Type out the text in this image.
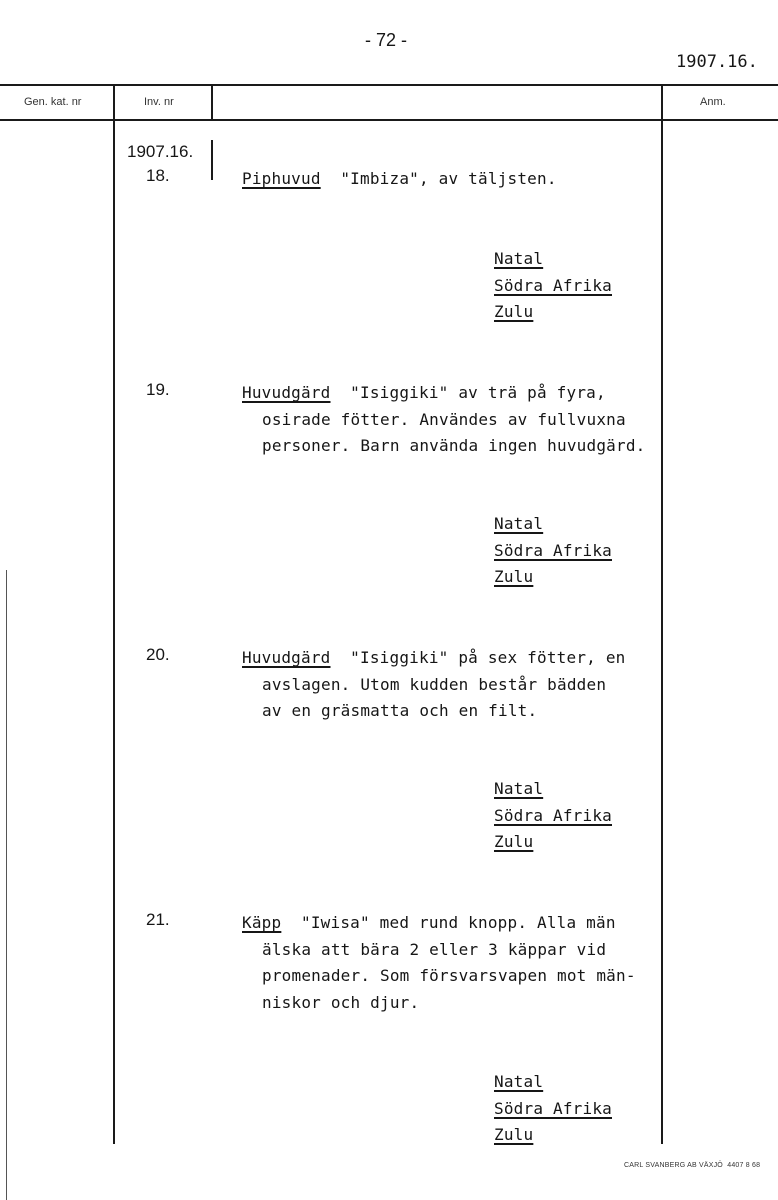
- 72 -
1907.16.
Gen. kat. nr	Inv. nr	Anm.
1907.16.
18.	Piphuvud "Imbiza", av täljsten.
Natal
Södra Afrika
Zulu
19.	Huvudgärd "Isiggiki" av trä på fyra,
osirade fötter. Användes av fullvuxna
personer. Barn använda ingen huvudgärd.
Natal
Södra Afrika
Zulu
20.	Huvudgärd "Isiggiki" på sex fötter, en
avslagen. Utom kudden består bädden
av en gräsmatta och en filt.
Natal
Södra Afrika
Zulu
21.	Käpp "Iwisa" med rund knopp. Alla män
älska att bära 2 eller 3 käppar vid
promenader. Som försvarsvapen mot män-
niskor och djur.
Natal
Södra Afrika
Zulu
CARL SVANBERG AB VÄXJÖ 4407 8 68
